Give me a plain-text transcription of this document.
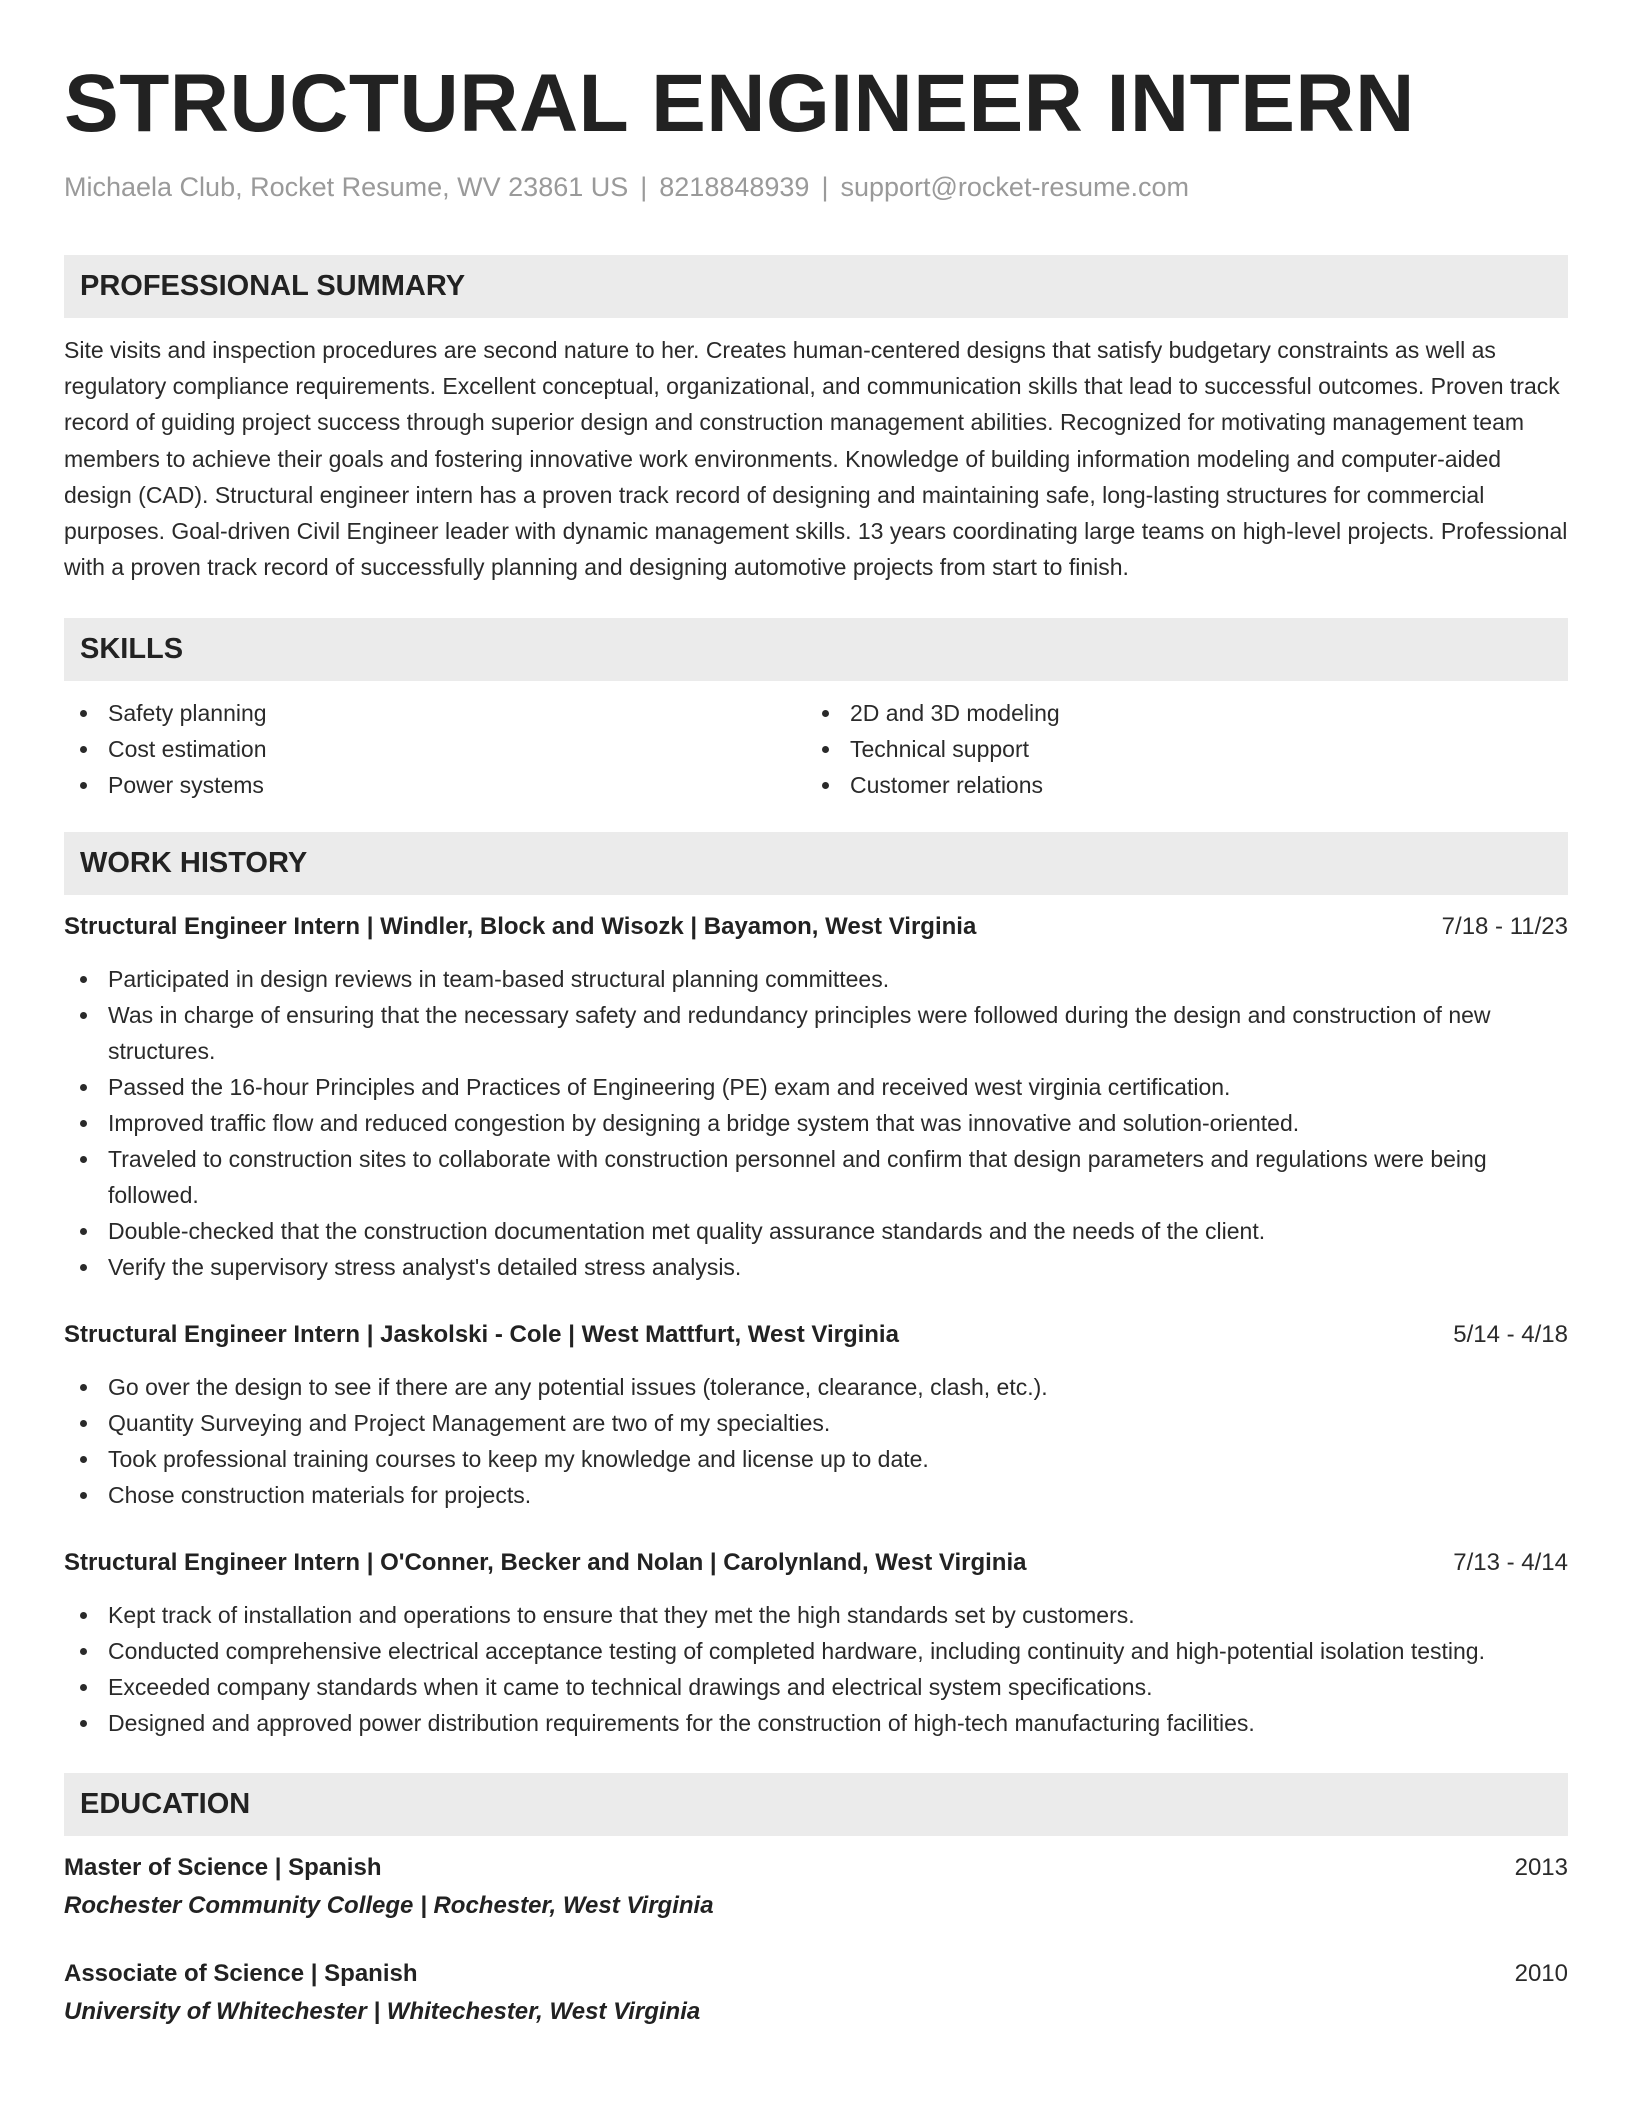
STRUCTURAL ENGINEER INTERN
Michaela Club, Rocket Resume, WV 23861 US | 8218848939 | support@rocket-resume.com
PROFESSIONAL SUMMARY
Site visits and inspection procedures are second nature to her. Creates human-centered designs that satisfy budgetary constraints as well as regulatory compliance requirements. Excellent conceptual, organizational, and communication skills that lead to successful outcomes. Proven track record of guiding project success through superior design and construction management abilities. Recognized for motivating management team members to achieve their goals and fostering innovative work environments. Knowledge of building information modeling and computer-aided design (CAD). Structural engineer intern has a proven track record of designing and maintaining safe, long-lasting structures for commercial purposes. Goal-driven Civil Engineer leader with dynamic management skills. 13 years coordinating large teams on high-level projects. Professional with a proven track record of successfully planning and designing automotive projects from start to finish.
SKILLS
Safety planning
Cost estimation
Power systems
2D and 3D modeling
Technical support
Customer relations
WORK HISTORY
Structural Engineer Intern | Windler, Block and Wisozk | Bayamon, West Virginia	7/18 - 11/23
Participated in design reviews in team-based structural planning committees.
Was in charge of ensuring that the necessary safety and redundancy principles were followed during the design and construction of new structures.
Passed the 16-hour Principles and Practices of Engineering (PE) exam and received west virginia certification.
Improved traffic flow and reduced congestion by designing a bridge system that was innovative and solution-oriented.
Traveled to construction sites to collaborate with construction personnel and confirm that design parameters and regulations were being followed.
Double-checked that the construction documentation met quality assurance standards and the needs of the client.
Verify the supervisory stress analyst's detailed stress analysis.
Structural Engineer Intern | Jaskolski - Cole | West Mattfurt, West Virginia	5/14 - 4/18
Go over the design to see if there are any potential issues (tolerance, clearance, clash, etc.).
Quantity Surveying and Project Management are two of my specialties.
Took professional training courses to keep my knowledge and license up to date.
Chose construction materials for projects.
Structural Engineer Intern | O'Conner, Becker and Nolan | Carolynland, West Virginia	7/13 - 4/14
Kept track of installation and operations to ensure that they met the high standards set by customers.
Conducted comprehensive electrical acceptance testing of completed hardware, including continuity and high-potential isolation testing.
Exceeded company standards when it came to technical drawings and electrical system specifications.
Designed and approved power distribution requirements for the construction of high-tech manufacturing facilities.
EDUCATION
Master of Science | Spanish	2013
Rochester Community College | Rochester, West Virginia
Associate of Science | Spanish	2010
University of Whitechester | Whitechester, West Virginia
